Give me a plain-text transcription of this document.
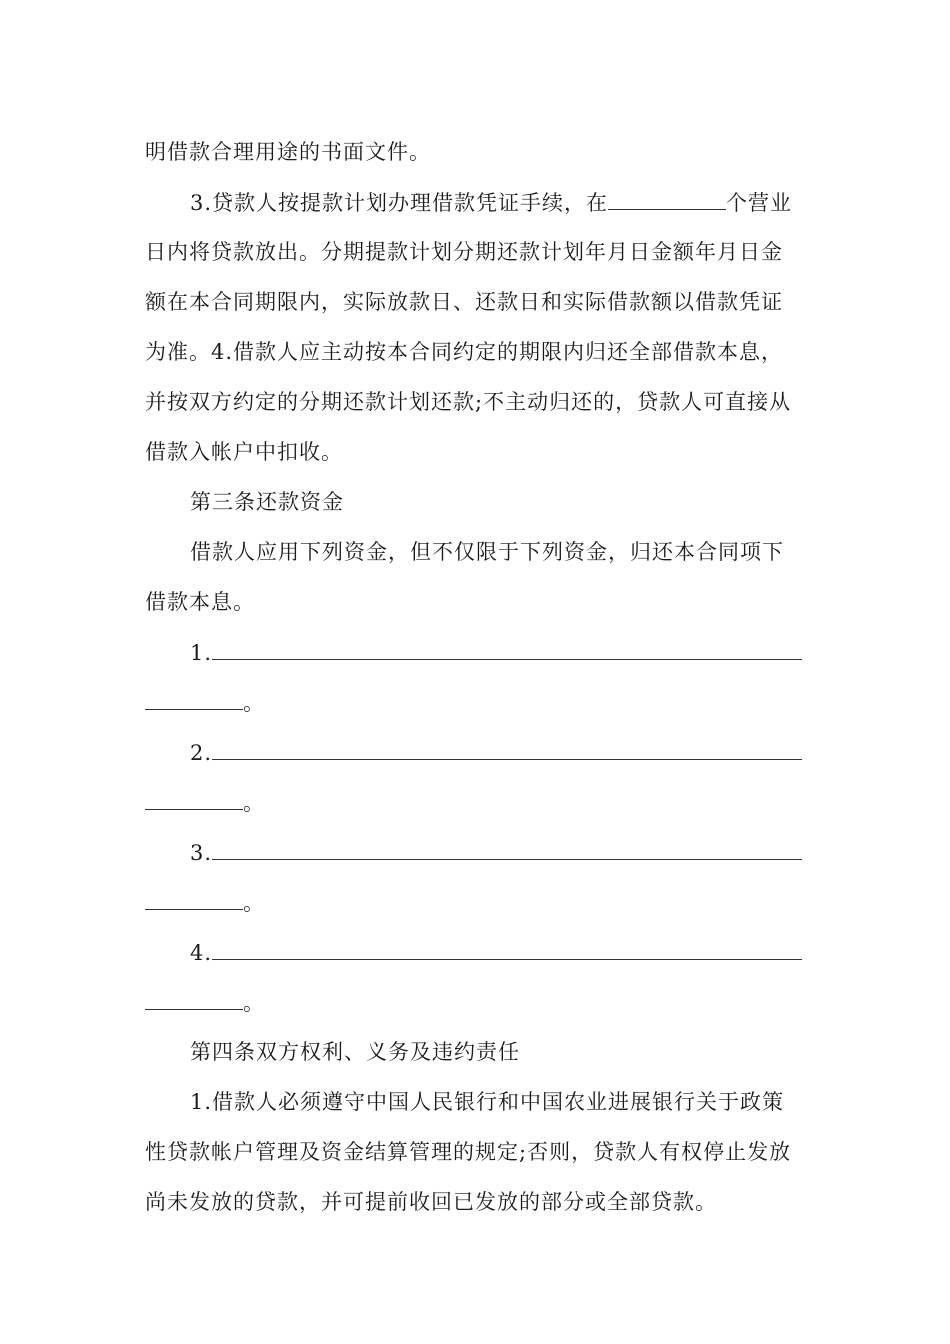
明借款合理用途的书面文件。
3.贷款人按提款计划办理借款凭证手续，在	个营业
日内将贷款放出。分期提款计划分期还款计划年月日金额年月日金
额在本合同期限内，实际放款日、还款日和实际借款额以借款凭证
为准。4.借款人应主动按本合同约定的期限内归还全部借款本息，
并按双方约定的分期还款计划还款;不主动归还的，贷款人可直接从
借款入帐户中扣收。
第三条还款资金
借款人应用下列资金，但不仅限于下列资金，归还本合同项下
借款本息。
1.
。
2.
。
3.
。
4.
。
第四条双方权利、义务及违约责任
1.借款人必须遵守中国人民银行和中国农业进展银行关于政策
性贷款帐户管理及资金结算管理的规定;否则，贷款人有权停止发放
尚未发放的贷款，并可提前收回已发放的部分或全部贷款。
